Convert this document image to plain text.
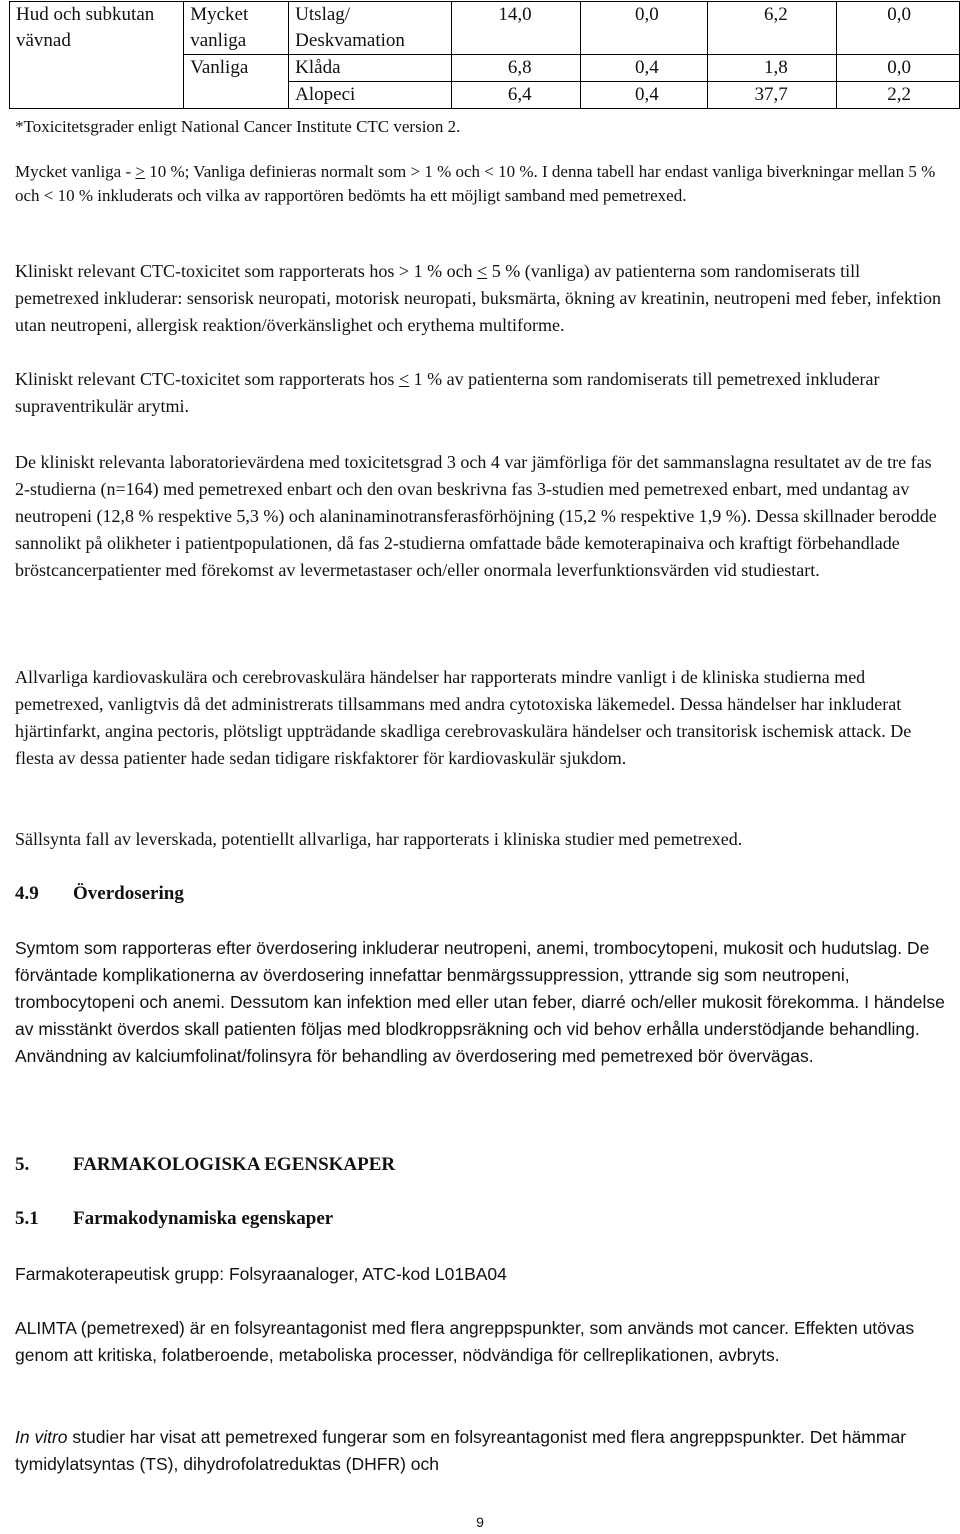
Hud och subkutan vävnad	Mycket vanliga	Utslag/ Deskvamation	14,0	0,0	6,2	0,0
	Vanliga	Klåda	6,8	0,4	1,8	0,0
		Alopeci	6,4	0,4	37,7	2,2

*Toxicitetsgrader enligt National Cancer Institute CTC version 2.

Mycket vanliga - ≥ 10 %; Vanliga definieras normalt som > 1 % och < 10 %. I denna tabell har endast vanliga biverkningar mellan 5 % och < 10 % inkluderats och vilka av rapportören bedömts ha ett möjligt samband med pemetrexed.

Kliniskt relevant CTC-toxicitet som rapporterats hos > 1 % och ≤ 5 % (vanliga) av patienterna som randomiserats till pemetrexed inkluderar: sensorisk neuropati, motorisk neuropati, buksmärta, ökning av kreatinin, neutropeni med feber, infektion utan neutropeni, allergisk reaktion/överkänslighet och erythema multiforme.

Kliniskt relevant CTC-toxicitet som rapporterats hos ≤ 1 % av patienterna som randomiserats till pemetrexed inkluderar supraventrikulär arytmi.

De kliniskt relevanta laboratorievärdena med toxicitetsgrad 3 och 4 var jämförliga för det sammanslagna resultatet av de tre fas 2-studierna (n=164) med pemetrexed enbart och den ovan beskrivna fas 3-studien med pemetrexed enbart, med undantag av neutropeni (12,8 % respektive 5,3 %) och alaninaminotransferasförhöjning (15,2 % respektive 1,9 %). Dessa skillnader berodde sannolikt på olikheter i patientpopulationen, då fas 2-studierna omfattade både kemoterapinaiva och kraftigt förbehandlade bröstcancerpatienter med förekomst av levermetastaser och/eller onormala leverfunktionsvärden vid studiestart.

Allvarliga kardiovaskulära och cerebrovaskulära händelser har rapporterats mindre vanligt i de kliniska studierna med pemetrexed, vanligtvis då det administrerats tillsammans med andra cytotoxiska läkemedel. Dessa händelser har inkluderat hjärtinfarkt, angina pectoris, plötsligt uppträdande skadliga cerebrovaskulära händelser och transitorisk ischemisk attack. De flesta av dessa patienter hade sedan tidigare riskfaktorer för kardiovaskulär sjukdom.

Sällsynta fall av leverskada, potentiellt allvarliga, har rapporterats i kliniska studier med pemetrexed.

4.9 Överdosering

Symtom som rapporteras efter överdosering inkluderar neutropeni, anemi, trombocytopeni, mukosit och hudutslag. De förväntade komplikationerna av överdosering innefattar benmärgssuppression, yttrande sig som neutropeni, trombocytopeni och anemi. Dessutom kan infektion med eller utan feber, diarré och/eller mukosit förekomma. I händelse av misstänkt överdos skall patienten följas med blodkroppsräkning och vid behov erhålla understödjande behandling. Användning av kalciumfolinat/folinsyra för behandling av överdosering med pemetrexed bör övervägas.

5. FARMAKOLOGISKA EGENSKAPER
5.1 Farmakodynamiska egenskaper

Farmakoterapeutisk grupp: Folsyraanaloger, ATC-kod L01BA04

ALIMTA (pemetrexed) är en folsyreantagonist med flera angreppspunkter, som används mot cancer. Effekten utövas genom att kritiska, folatberoende, metaboliska processer, nödvändiga för cellreplikationen, avbryts.

In vitro studier har visat att pemetrexed fungerar som en folsyreantagonist med flera angreppspunkter. Det hämmar tymidylatsyntas (TS), dihydrofolatreduktas (DHFR) och

9
